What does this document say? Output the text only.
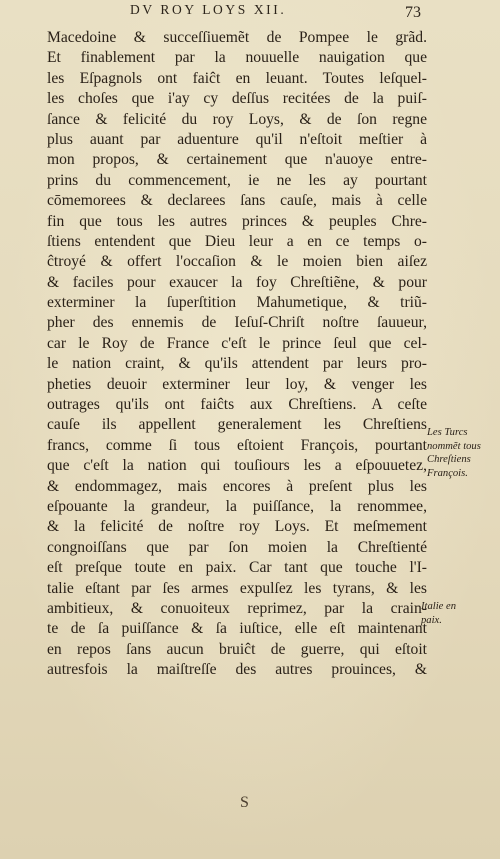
DV ROY LOYS XII.	73
Macedoine & succeſſiuemẽt de Pompee le grãd.
Et finablement par la nouuelle nauigation que
les Eſpagnols ont faiĉt en leuant. Toutes leſquel-
les choſes que i'ay cy deſſus recitées de la puiſ-
ſance & felicité du roy Loys, & de ſon regne
plus auant par aduenture qu'il n'eſtoit meſtier à
mon propos, & certainement que n'auoye entre-
prins du commencement, ie ne les ay pourtant
cōmemorees & declarees ſans cauſe, mais à celle
fin que tous les autres princes & peuples Chre-
ſtiens entendent que Dieu leur a en ce temps o-
ĉtroyé & offert l'occaſion & le moien bien aiſez
& faciles pour exaucer la foy Chreſtiẽne, & pour
exterminer la ſuperſtition Mahumetique, & triũ-
pher des ennemis de Ieſuſ-Chriſt noſtre ſauueur,
car le Roy de France c'eſt le prince ſeul que cel-
le nation craint, & qu'ils attendent par leurs pro-
pheties deuoir exterminer leur loy, & venger les
outrages qu'ils ont faiĉts aux Chreſtiens. A ceſte
cauſe ils appellent generalement les Chreſtiens
francs, comme ſi tous eſtoient François, pourtant
que c'eſt la nation qui touſiours les a eſpouuetez,
& endommagez, mais encores à preſent plus les
eſpouante la grandeur, la puiſſance, la renommee,
& la felicité de noſtre roy Loys. Et meſmement
congnoiſſans que par ſon moien la Chreſtienté
eſt preſque toute en paix. Car tant que touche l'I-
talie eſtant par ſes armes expulſez les tyrans, & les
ambitieux, & conuoiteux reprimez, par la crain-
te de ſa puiſſance & ſa iuſtice, elle eſt maintenant
en repos ſans aucun bruiĉt de guerre, qui eſtoit
autresfois la maiſtreſſe des autres prouinces, &
Les Turcs
nommẽt tous
Chreſtiens
François.
Italie en
paix.
S
